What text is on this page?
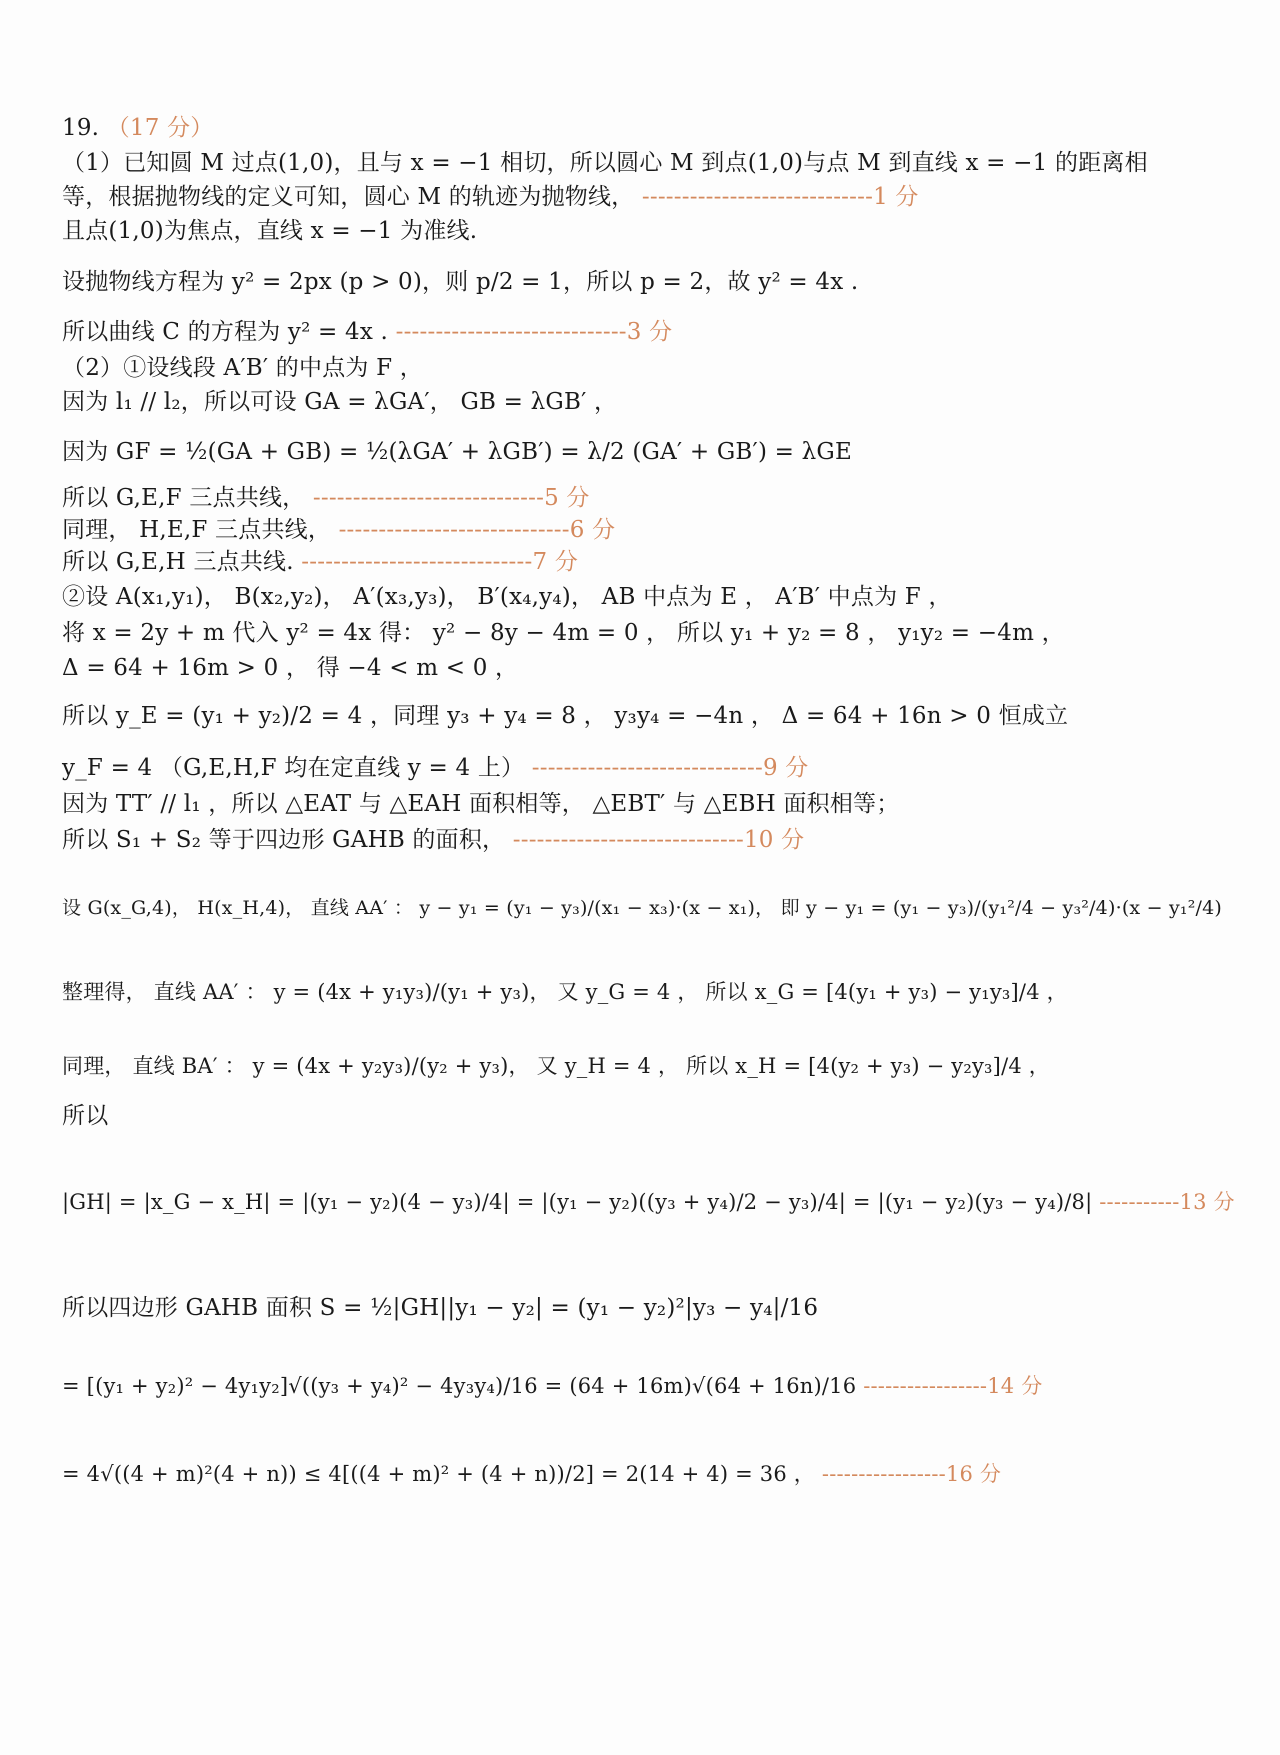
19. （17 分）
（1）已知圆 M 过点(1,0)，且与 x = −1 相切，所以圆心 M 到点(1,0)与点 M 到直线 x = −1 的距离相
等，根据抛物线的定义可知，圆心 M 的轨迹为抛物线， -----------------------------1 分
且点(1,0)为焦点，直线 x = −1 为准线.
设抛物线方程为 y² = 2px (p > 0)，则 p/2 = 1，所以 p = 2，故 y² = 4x .
所以曲线 C 的方程为 y² = 4x . -----------------------------3 分
（2）①设线段 A′B′ 的中点为 F ，
因为 l₁ // l₂，所以可设 GA = λGA′， GB = λGB′ ，
因为 GF = ½(GA + GB) = ½(λGA′ + λGB′) = λ/2 (GA′ + GB′) = λGE
所以 G,E,F 三点共线， -----------------------------5 分
同理， H,E,F 三点共线， -----------------------------6 分
所以 G,E,H 三点共线. -----------------------------7 分
②设 A(x₁,y₁)， B(x₂,y₂)， A′(x₃,y₃)， B′(x₄,y₄)， AB 中点为 E ， A′B′ 中点为 F ，
将 x = 2y + m 代入 y² = 4x 得： y² − 8y − 4m = 0 ， 所以 y₁ + y₂ = 8 ， y₁y₂ = −4m ，
Δ = 64 + 16m > 0 ， 得 −4 < m < 0 ，
所以 y_E = (y₁ + y₂)/2 = 4 ，同理 y₃ + y₄ = 8 ， y₃y₄ = −4n ， Δ = 64 + 16n > 0 恒成立
y_F = 4 （G,E,H,F 均在定直线 y = 4 上） -----------------------------9 分
因为 TT′ // l₁ ，所以 △EAT 与 △EAH 面积相等， △EBT′ 与 △EBH 面积相等；
所以 S₁ + S₂ 等于四边形 GAHB 的面积， -----------------------------10 分
设 G(x_G,4)， H(x_H,4)， 直线 AA′ ： y − y₁ = (y₁ − y₃)/(x₁ − x₃)·(x − x₁)， 即 y − y₁ = (y₁ − y₃)/(y₁²/4 − y₃²/4)·(x − y₁²/4)
整理得， 直线 AA′ ： y = (4x + y₁y₃)/(y₁ + y₃)， 又 y_G = 4 ， 所以 x_G = [4(y₁ + y₃) − y₁y₃]/4 ，
同理， 直线 BA′ ： y = (4x + y₂y₃)/(y₂ + y₃)， 又 y_H = 4 ， 所以 x_H = [4(y₂ + y₃) − y₂y₃]/4 ，
所以
|GH| = |x_G − x_H| = |(y₁ − y₂)(4 − y₃)/4| = |(y₁ − y₂)((y₃ + y₄)/2 − y₃)/4| = |(y₁ − y₂)(y₃ − y₄)/8| -----------13 分
所以四边形 GAHB 面积 S = ½|GH||y₁ − y₂| = (y₁ − y₂)²|y₃ − y₄|/16
= [(y₁ + y₂)² − 4y₁y₂]√((y₃ + y₄)² − 4y₃y₄)/16 = (64 + 16m)√(64 + 16n)/16 -----------------14 分
= 4√((4 + m)²(4 + n)) ≤ 4[((4 + m)² + (4 + n))/2] = 2(14 + 4) = 36 ， -----------------16 分
